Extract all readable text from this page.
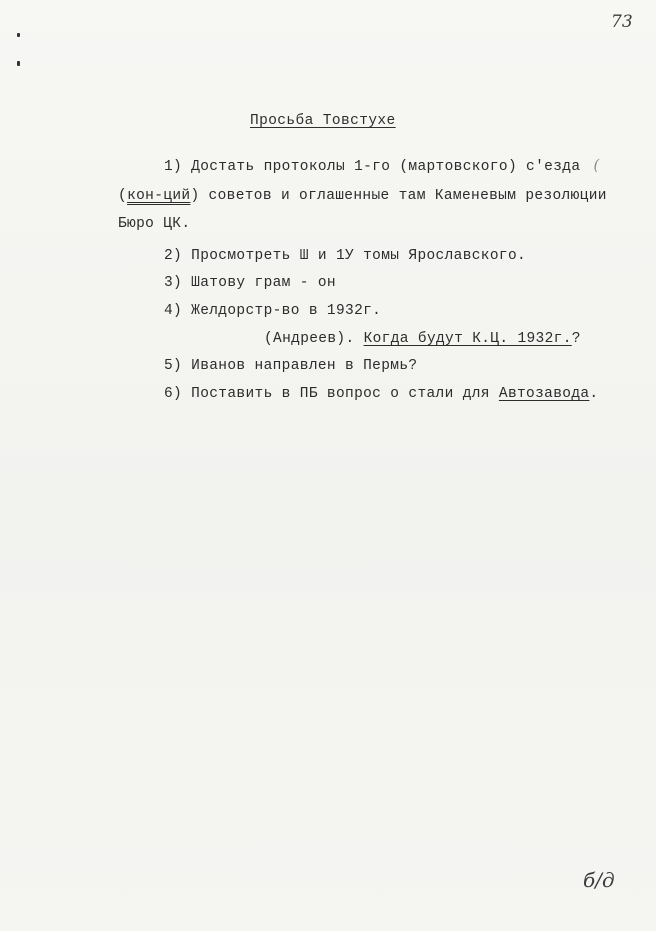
73
Просьба Товстухе
1) Достать протоколы 1-го (мартовского) с'езда (
(кон-ций) советов и оглашенные там Каменевым резолюции
Бюро ЦК.
2) Просмотреть Ш и 1У томы Ярославского.
3) Шатову грам - он
4) Желдорстр-во в 1932г.
(Андреев). Когда будут К.Ц. 1932г.?
5) Иванов направлен в Пермь?
6) Поставить в ПБ вопрос о стали для Автозавода.
б/д
